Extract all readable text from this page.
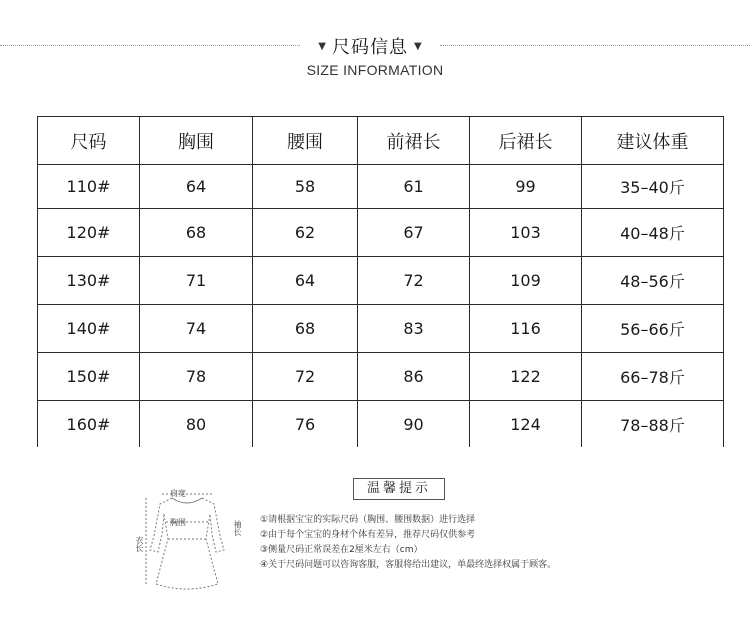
▼ 尺码信息 ▼
SIZE INFORMATION
尺码	胸围	腰围	前裙长	后裙长	建议体重
110#	64	58	61	99	35–40斤
120#	68	62	67	103	40–48斤
130#	71	64	72	109	48–56斤
140#	74	68	83	116	56–66斤
150#	78	72	86	122	66–78斤
160#	80	76	90	124	78–88斤
肩宽
胸围
衣长
袖长
温馨提示
①请根据宝宝的实际尺码（胸围、腰围数据）进行选择
②由于每个宝宝的身材个体有差异，推荐尺码仅供参考
③侧量尺码正常误差在2厘米左右（cm）
④关于尺码问题可以咨询客服，客服将给出建议，单最终选择权属于顾客。
